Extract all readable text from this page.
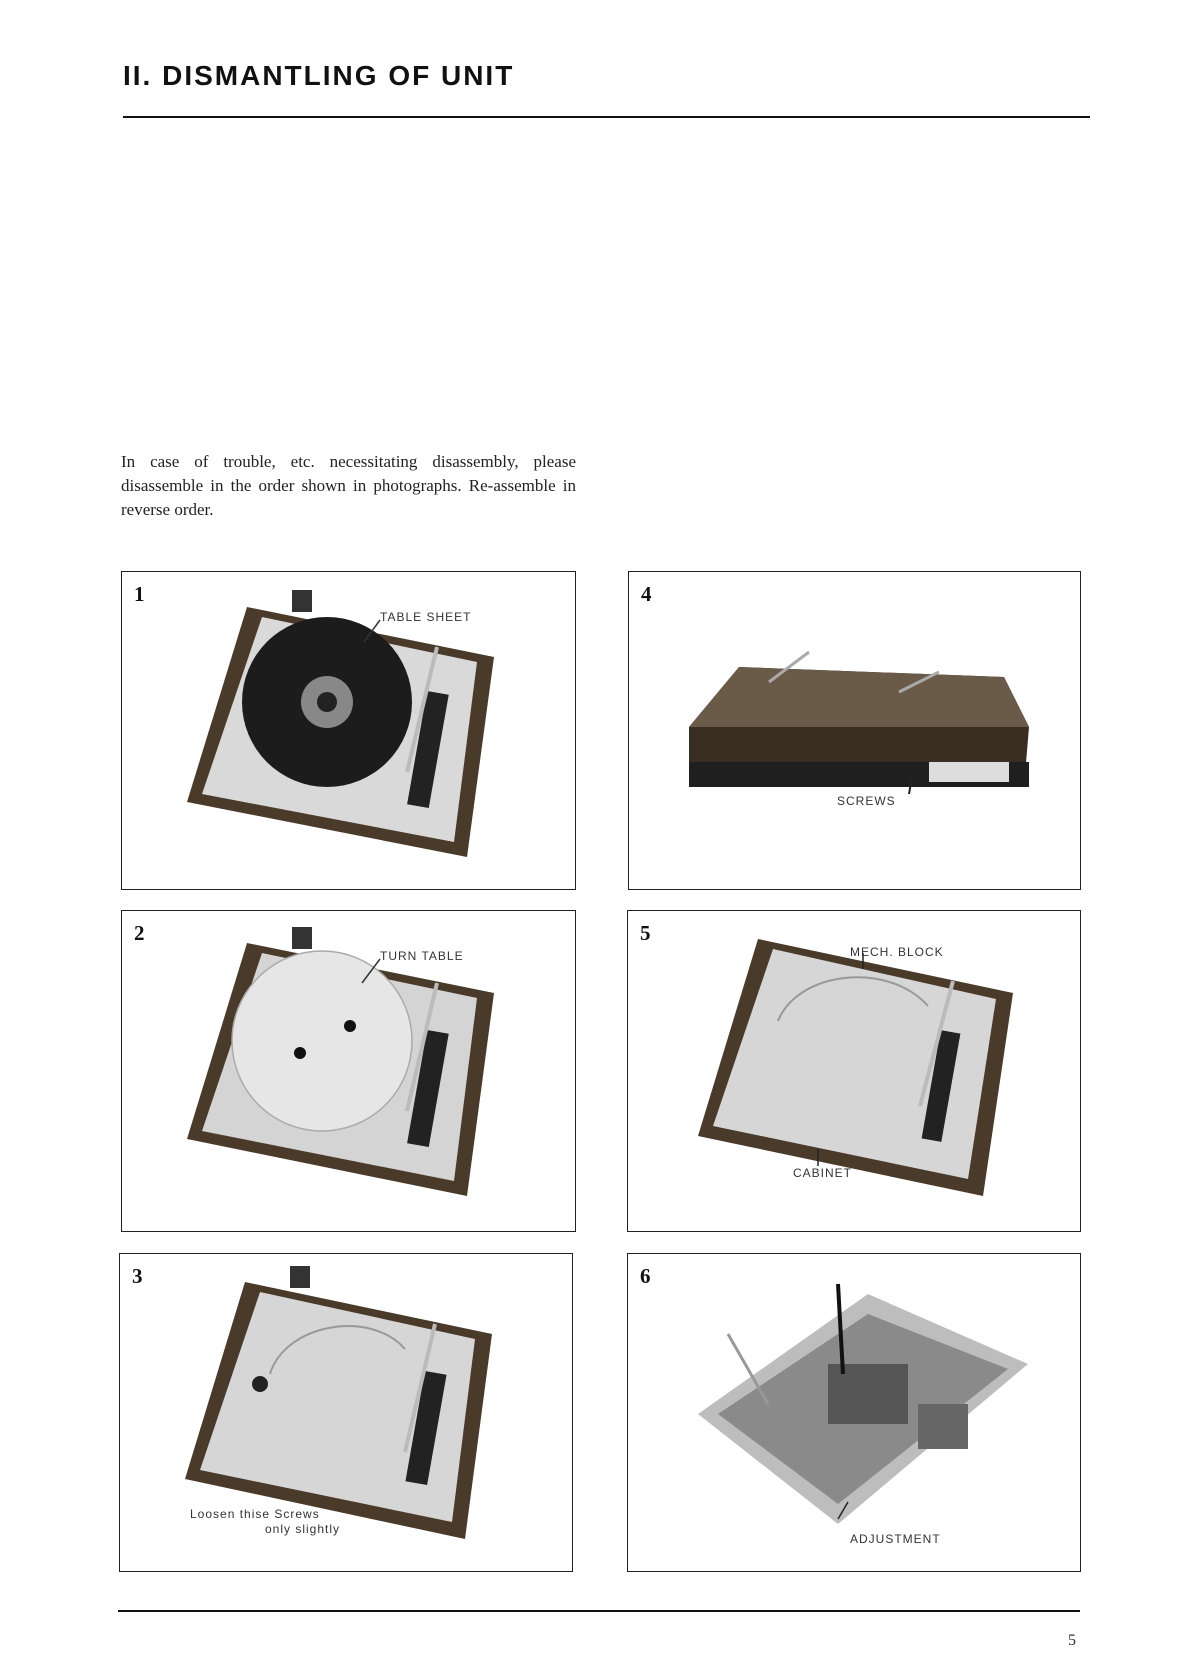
II. DISMANTLING OF UNIT
In case of trouble, etc. necessitating disassembly, please disassemble in the order shown in photographs. Re-assemble in reverse order.
1
TABLE SHEET
4
SCREWS
2
TURN TABLE
5
MECH. BLOCK
CABINET
3
Loosen thise Screws
only slightly
6
ADJUSTMENT
5
